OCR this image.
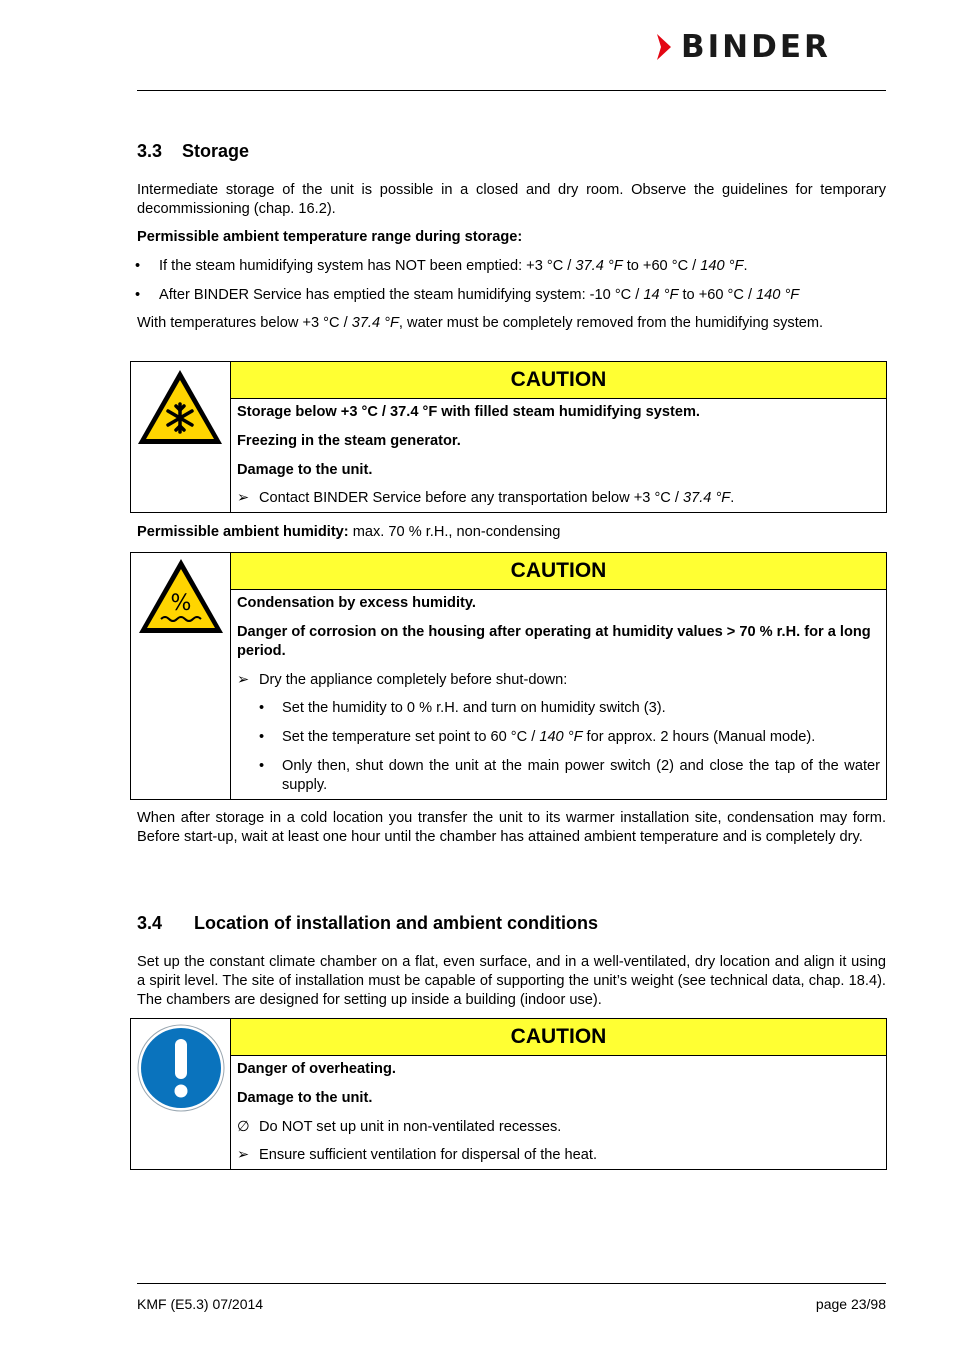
BINDER
3.3 Storage

Intermediate storage of the unit is possible in a closed and dry room. Observe the guidelines for temporary decommissioning (chap. 16.2).

Permissible ambient temperature range during storage:

• If the steam humidifying system has NOT been emptied: +3 °C / 37.4 °F to +60 °C / 140 °F.
• After BINDER Service has emptied the steam humidifying system: -10 °C / 14 °F to +60 °C / 140 °F

With temperatures below +3 °C / 37.4 °F, water must be completely removed from the humidifying system.

CAUTION
Storage below +3 °C / 37.4 °F with filled steam humidifying system.
Freezing in the steam generator.
Damage to the unit.
➢ Contact BINDER Service before any transportation below +3 °C / 37.4 °F.

Permissible ambient humidity: max. 70 % r.H., non-condensing

%

CAUTION
Condensation by excess humidity.
Danger of corrosion on the housing after operating at humidity values > 70 % r.H. for a long period.
➢ Dry the appliance completely before shut-down:
• Set the humidity to 0 % r.H. and turn on humidity switch (3).
• Set the temperature set point to 60 °C / 140 °F for approx. 2 hours (Manual mode).
• Only then, shut down the unit at the main power switch (2) and close the tap of the water supply.

When after storage in a cold location you transfer the unit to its warmer installation site, condensation may form. Before start-up, wait at least one hour until the chamber has attained ambient temperature and is completely dry.

3.4 Location of installation and ambient conditions

Set up the constant climate chamber on a flat, even surface, and in a well-ventilated, dry location and align it using a spirit level. The site of installation must be capable of supporting the unit’s weight (see technical data, chap. 18.4). The chambers are designed for setting up inside a building (indoor use).

CAUTION
Danger of overheating.
Damage to the unit.
∅ Do NOT set up unit in non-ventilated recesses.
➢ Ensure sufficient ventilation for dispersal of the heat.
KMF (E5.3) 07/2014	page 23/98
